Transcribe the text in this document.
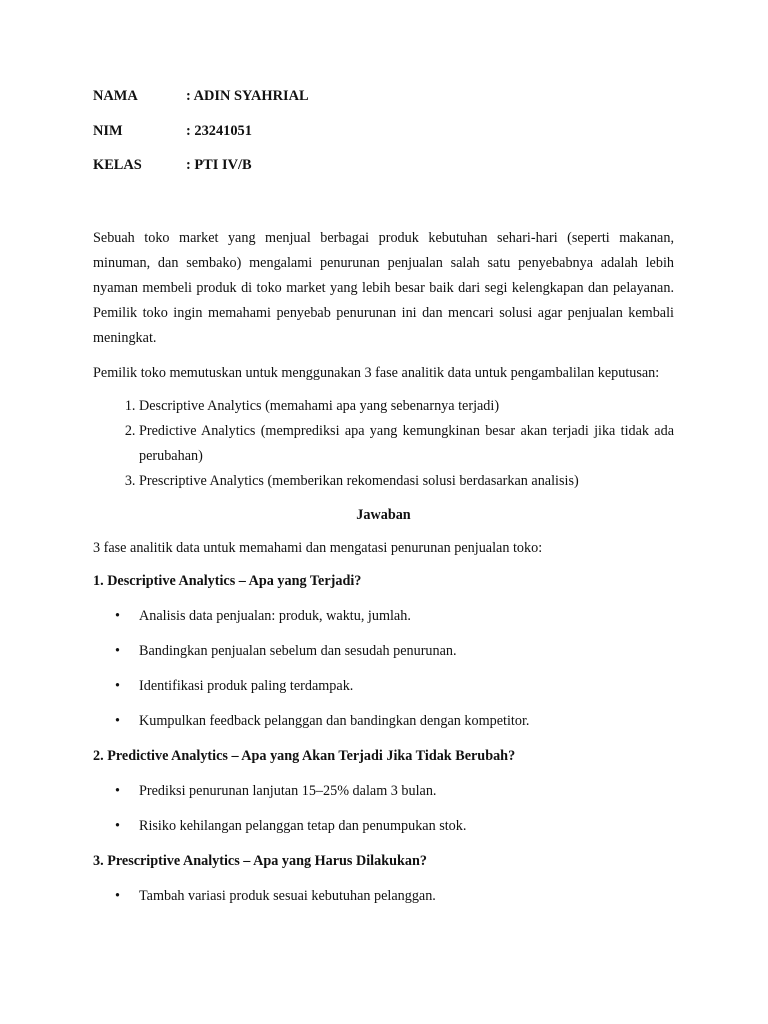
NAMA	: ADIN SYAHRIAL
NIM	: 23241051
KELAS	: PTI IV/B

Sebuah toko market yang menjual berbagai produk kebutuhan sehari-hari (seperti makanan, minuman, dan sembako) mengalami penurunan penjualan salah satu penyebabnya adalah lebih nyaman membeli produk di toko market yang lebih besar baik dari segi kelengkapan dan pelayanan. Pemilik toko ingin memahami penyebab penurunan ini dan mencari solusi agar penjualan kembali meningkat.

Pemilik toko memutuskan untuk menggunakan 3 fase analitik data untuk pengambalilan keputusan:

1. Descriptive Analytics (memahami apa yang sebenarnya terjadi)
2. Predictive Analytics (memprediksi apa yang kemungkinan besar akan terjadi jika tidak ada perubahan)
3. Prescriptive Analytics (memberikan rekomendasi solusi berdasarkan analisis)

Jawaban

3 fase analitik data untuk memahami dan mengatasi penurunan penjualan toko:

1. Descriptive Analytics – Apa yang Terjadi?

• Analisis data penjualan: produk, waktu, jumlah.
• Bandingkan penjualan sebelum dan sesudah penurunan.
• Identifikasi produk paling terdampak.
• Kumpulkan feedback pelanggan dan bandingkan dengan kompetitor.

2. Predictive Analytics – Apa yang Akan Terjadi Jika Tidak Berubah?

• Prediksi penurunan lanjutan 15–25% dalam 3 bulan.
• Risiko kehilangan pelanggan tetap dan penumpukan stok.

3. Prescriptive Analytics – Apa yang Harus Dilakukan?

• Tambah variasi produk sesuai kebutuhan pelanggan.
